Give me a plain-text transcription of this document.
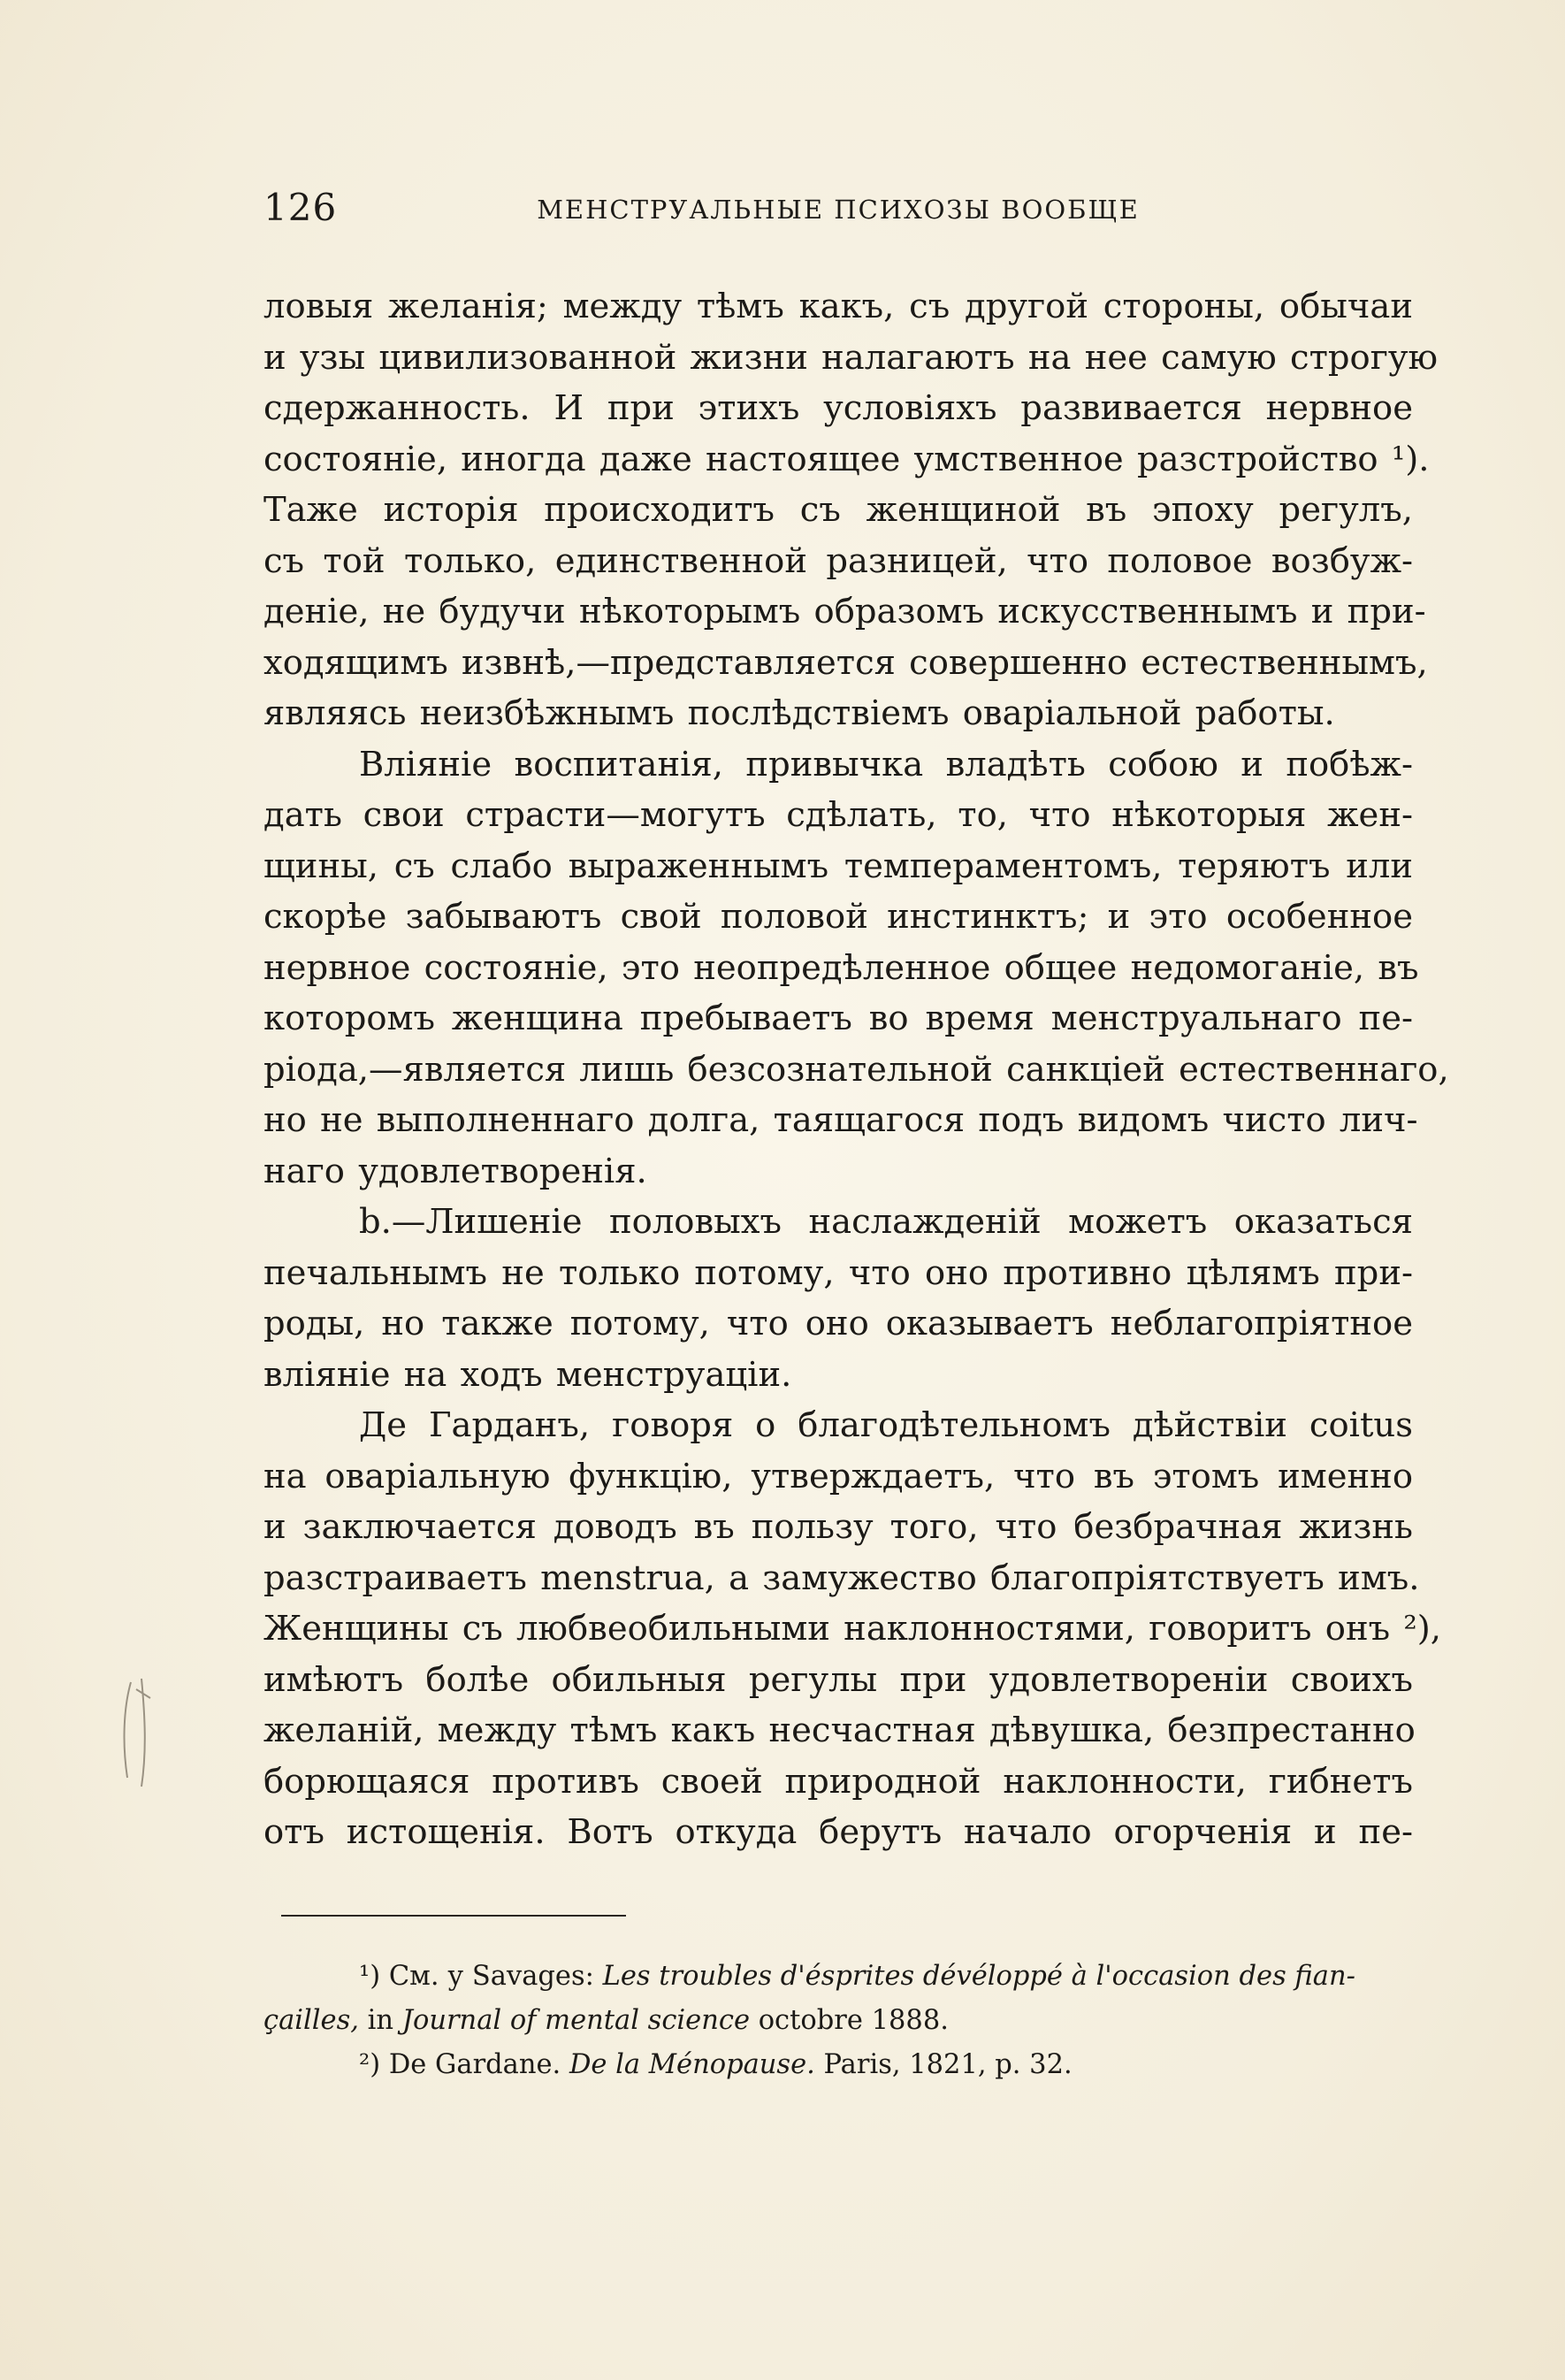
126	МЕНСТРУАЛЬНЫЕ ПСИХОЗЫ ВООБЩЕ
ловыя желанія; между тѣмъ какъ, съ другой стороны, обычаи
и узы цивилизованной жизни налагаютъ на нее самую строгую
сдержанность. И при этихъ условіяхъ развивается нервное
состояніе, иногда даже настоящее умственное разстройство ¹).
Таже исторія происходитъ съ женщиной въ эпоху регулъ,
съ той только, единственной разницей, что половое возбуж-
деніе, не будучи нѣкоторымъ образомъ искусственнымъ и при-
ходящимъ извнѣ,—представляется совершенно естественнымъ,
являясь неизбѣжнымъ послѣдствіемъ оваріальной работы.
Вліяніе воспитанія, привычка владѣть собою и побѣж-
дать свои страсти—могутъ сдѣлать, то, что нѣкоторыя жен-
щины, съ слабо выраженнымъ темпераментомъ, теряютъ или
скорѣе забываютъ свой половой инстинктъ; и это особенное
нервное состояніе, это неопредѣленное общее недомоганіе, въ
которомъ женщина пребываетъ во время менструальнаго пе-
ріода,—является лишь безсознательной санкціей естественнаго,
но не выполненнаго долга, таящагося подъ видомъ чисто лич-
наго удовлетворенія.
b.—Лишеніе половыхъ наслажденій можетъ оказаться
печальнымъ не только потому, что оно противно цѣлямъ при-
роды, но также потому, что оно оказываетъ неблагопріятное
вліяніе на ходъ менструаціи.
Де Гарданъ, говоря о благодѣтельномъ дѣйствіи coitus
на оваріальную функцію, утверждаетъ, что въ этомъ именно
и заключается доводъ въ пользу того, что безбрачная жизнь
разстраиваетъ menstrua, а замужество благопріятствуетъ имъ.
Женщины съ любвеобильными наклонностями, говоритъ онъ ²),
имѣютъ болѣе обильныя регулы при удовлетвореніи своихъ
желаній, между тѣмъ какъ несчастная дѣвушка, безпрестанно
борющаяся противъ своей природной наклонности, гибнетъ
отъ истощенія. Вотъ откуда берутъ начало огорченія и пе-
¹) См. у Savages: Les troubles d'ésprites dévéloppé à l'occasion des fian-
çailles, in Journal of mental science octobre 1888.
²) De Gardane. De la Ménopause. Paris, 1821, p. 32.
